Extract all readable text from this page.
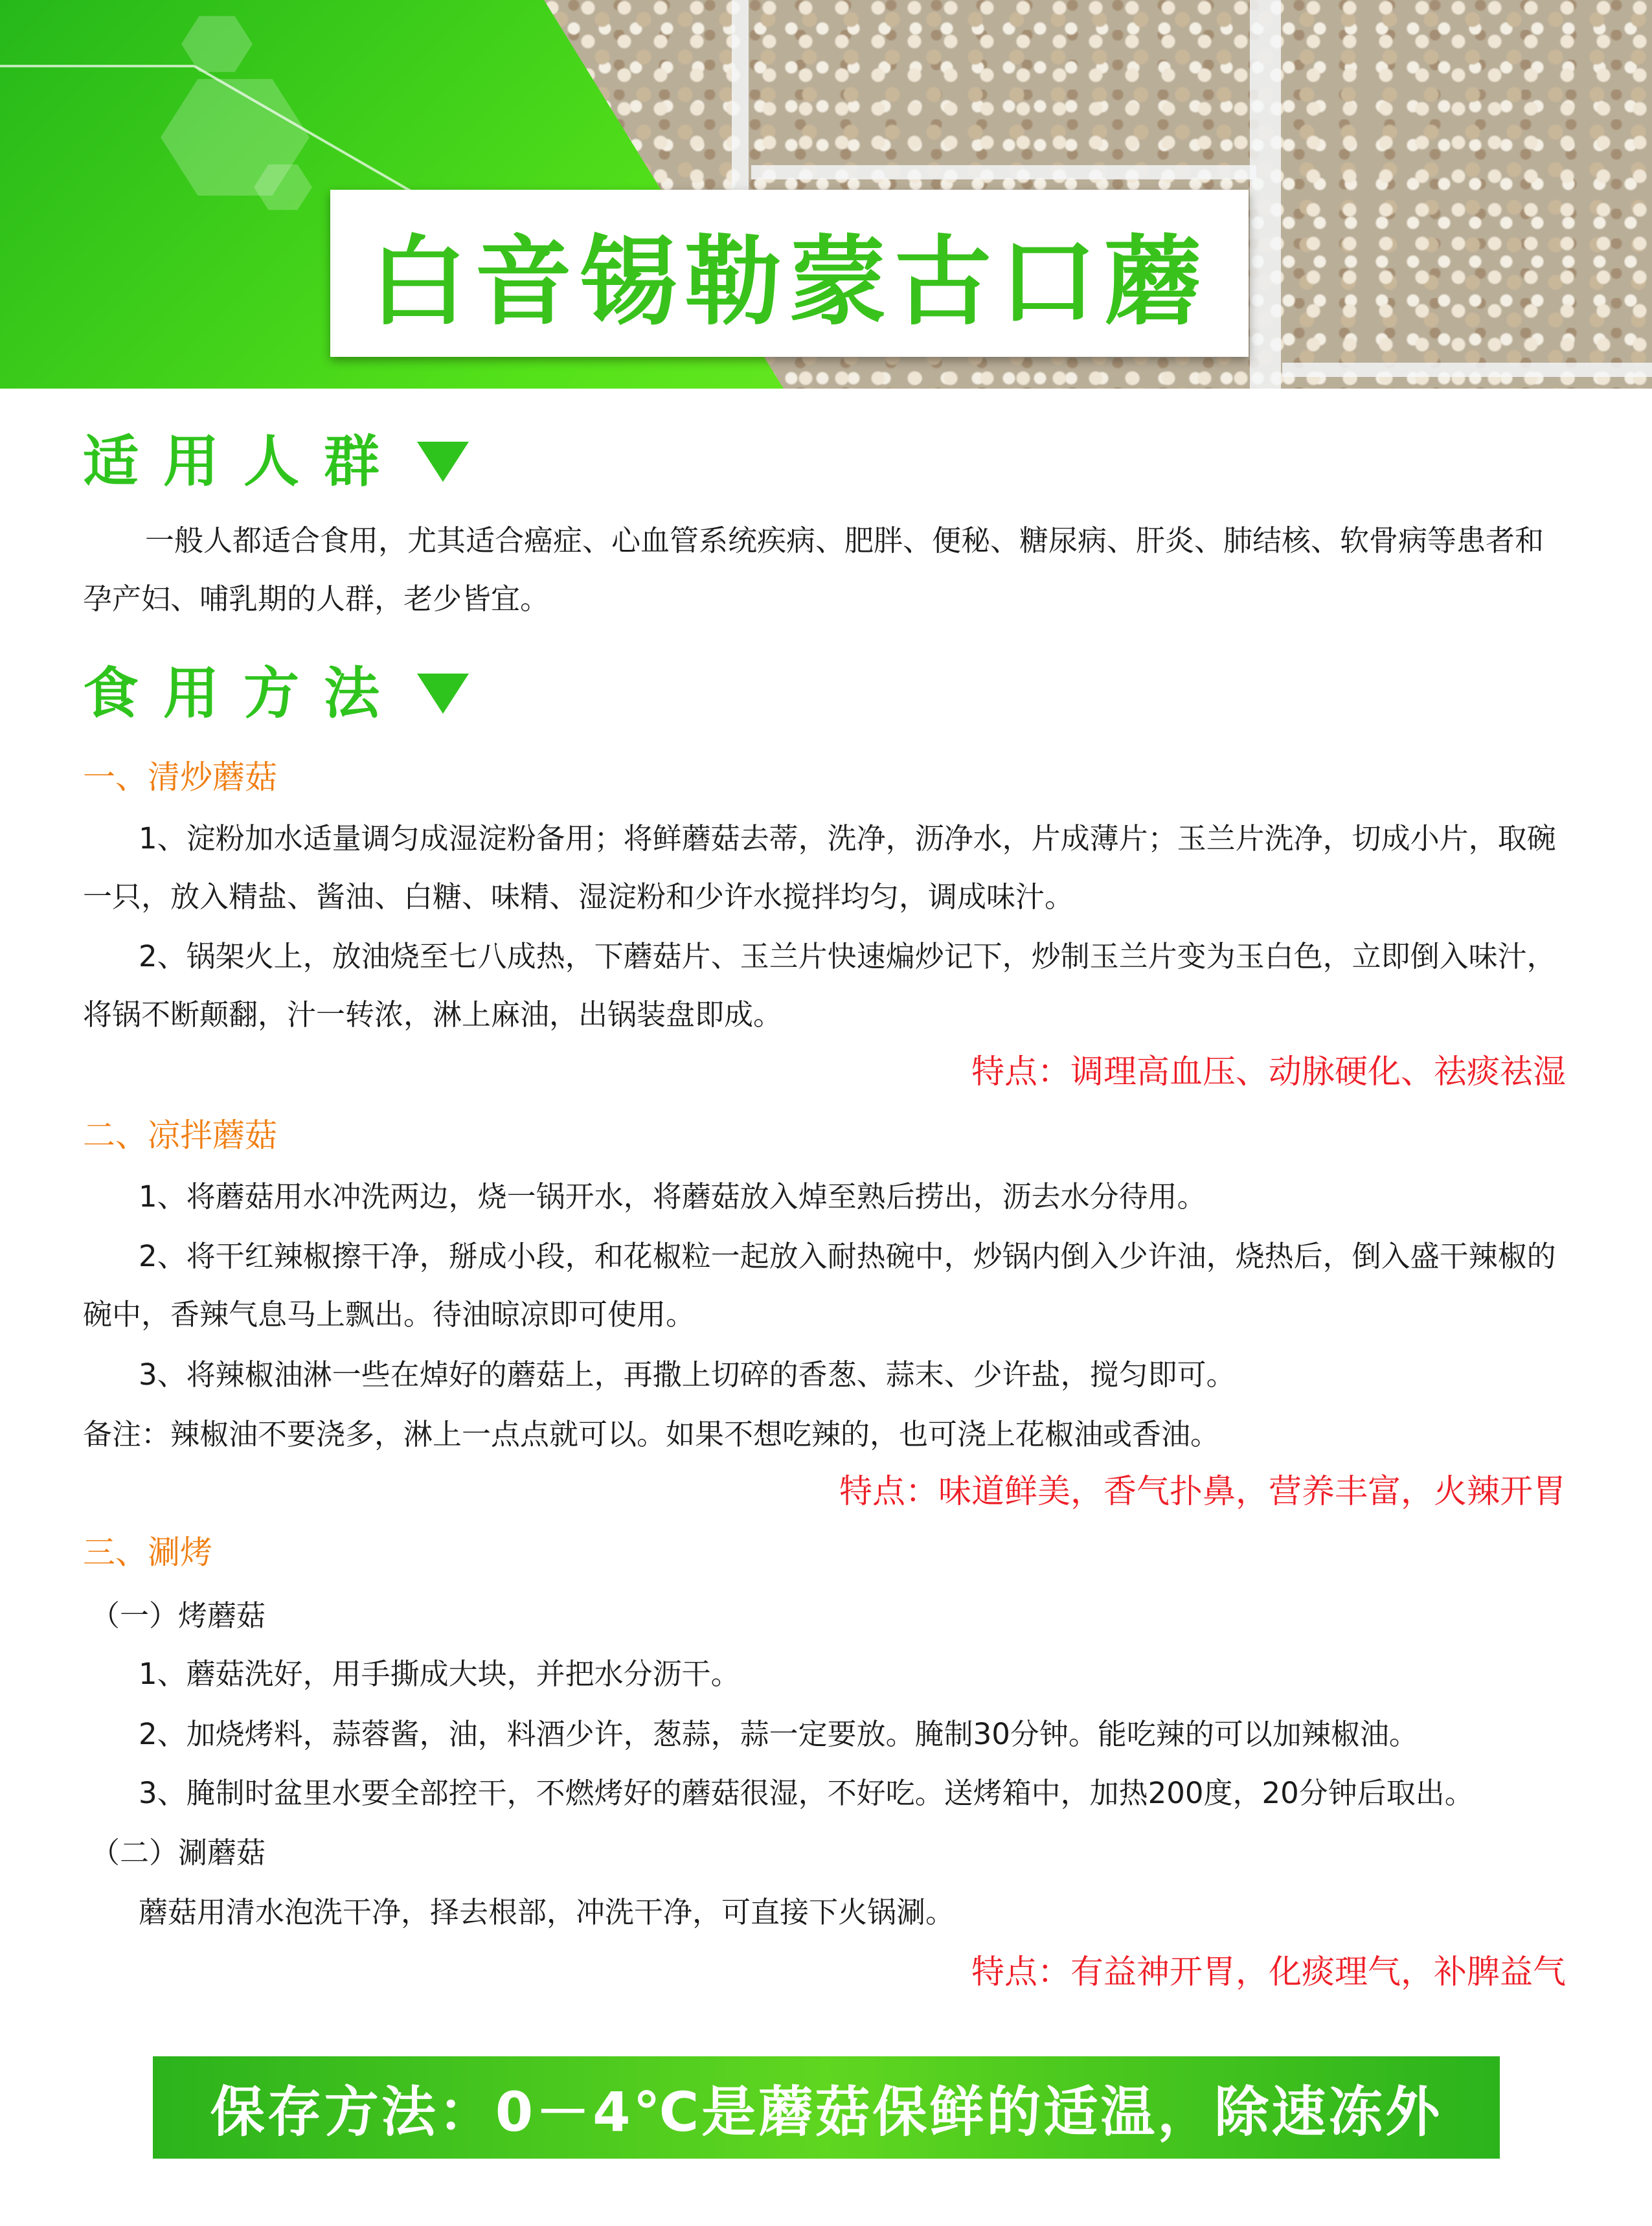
白音锡勒蒙古口蘑
适用人群
一般人都适合食用，尤其适合癌症、心血管系统疾病、肥胖、便秘、糖尿病、肝炎、肺结核、软骨病等患者和孕产妇、哺乳期的人群，老少皆宜。
食用方法
一、清炒蘑菇
1、淀粉加水适量调匀成湿淀粉备用；将鲜蘑菇去蒂，洗净，沥净水，片成薄片；玉兰片洗净，切成小片，取碗一只，放入精盐、酱油、白糖、味精、湿淀粉和少许水搅拌均匀，调成味汁。
2、锅架火上，放油烧至七八成热，下蘑菇片、玉兰片快速煸炒记下，炒制玉兰片变为玉白色，立即倒入味汁，将锅不断颠翻，汁一转浓，淋上麻油，出锅装盘即成。
特点：调理高血压、动脉硬化、祛痰祛湿
二、凉拌蘑菇
1、将蘑菇用水冲洗两边，烧一锅开水，将蘑菇放入焯至熟后捞出，沥去水分待用。
2、将干红辣椒擦干净，掰成小段，和花椒粒一起放入耐热碗中，炒锅内倒入少许油，烧热后，倒入盛干辣椒的碗中，香辣气息马上飘出。待油晾凉即可使用。
3、将辣椒油淋一些在焯好的蘑菇上，再撒上切碎的香葱、蒜末、少许盐，搅匀即可。
备注：辣椒油不要浇多，淋上一点点就可以。如果不想吃辣的，也可浇上花椒油或香油。
特点：味道鲜美，香气扑鼻，营养丰富，火辣开胃
三、涮烤
（一）烤蘑菇
1、蘑菇洗好，用手撕成大块，并把水分沥干。
2、加烧烤料，蒜蓉酱，油，料酒少许，葱蒜，蒜一定要放。腌制30分钟。能吃辣的可以加辣椒油。
3、腌制时盆里水要全部控干，不燃烤好的蘑菇很湿，不好吃。送烤箱中，加热200度，20分钟后取出。
（二）涮蘑菇
蘑菇用清水泡洗干净，择去根部，冲洗干净，可直接下火锅涮。
特点：有益神开胃，化痰理气，补脾益气
保存方法：0－4℃是蘑菇保鲜的适温，除速冻外
